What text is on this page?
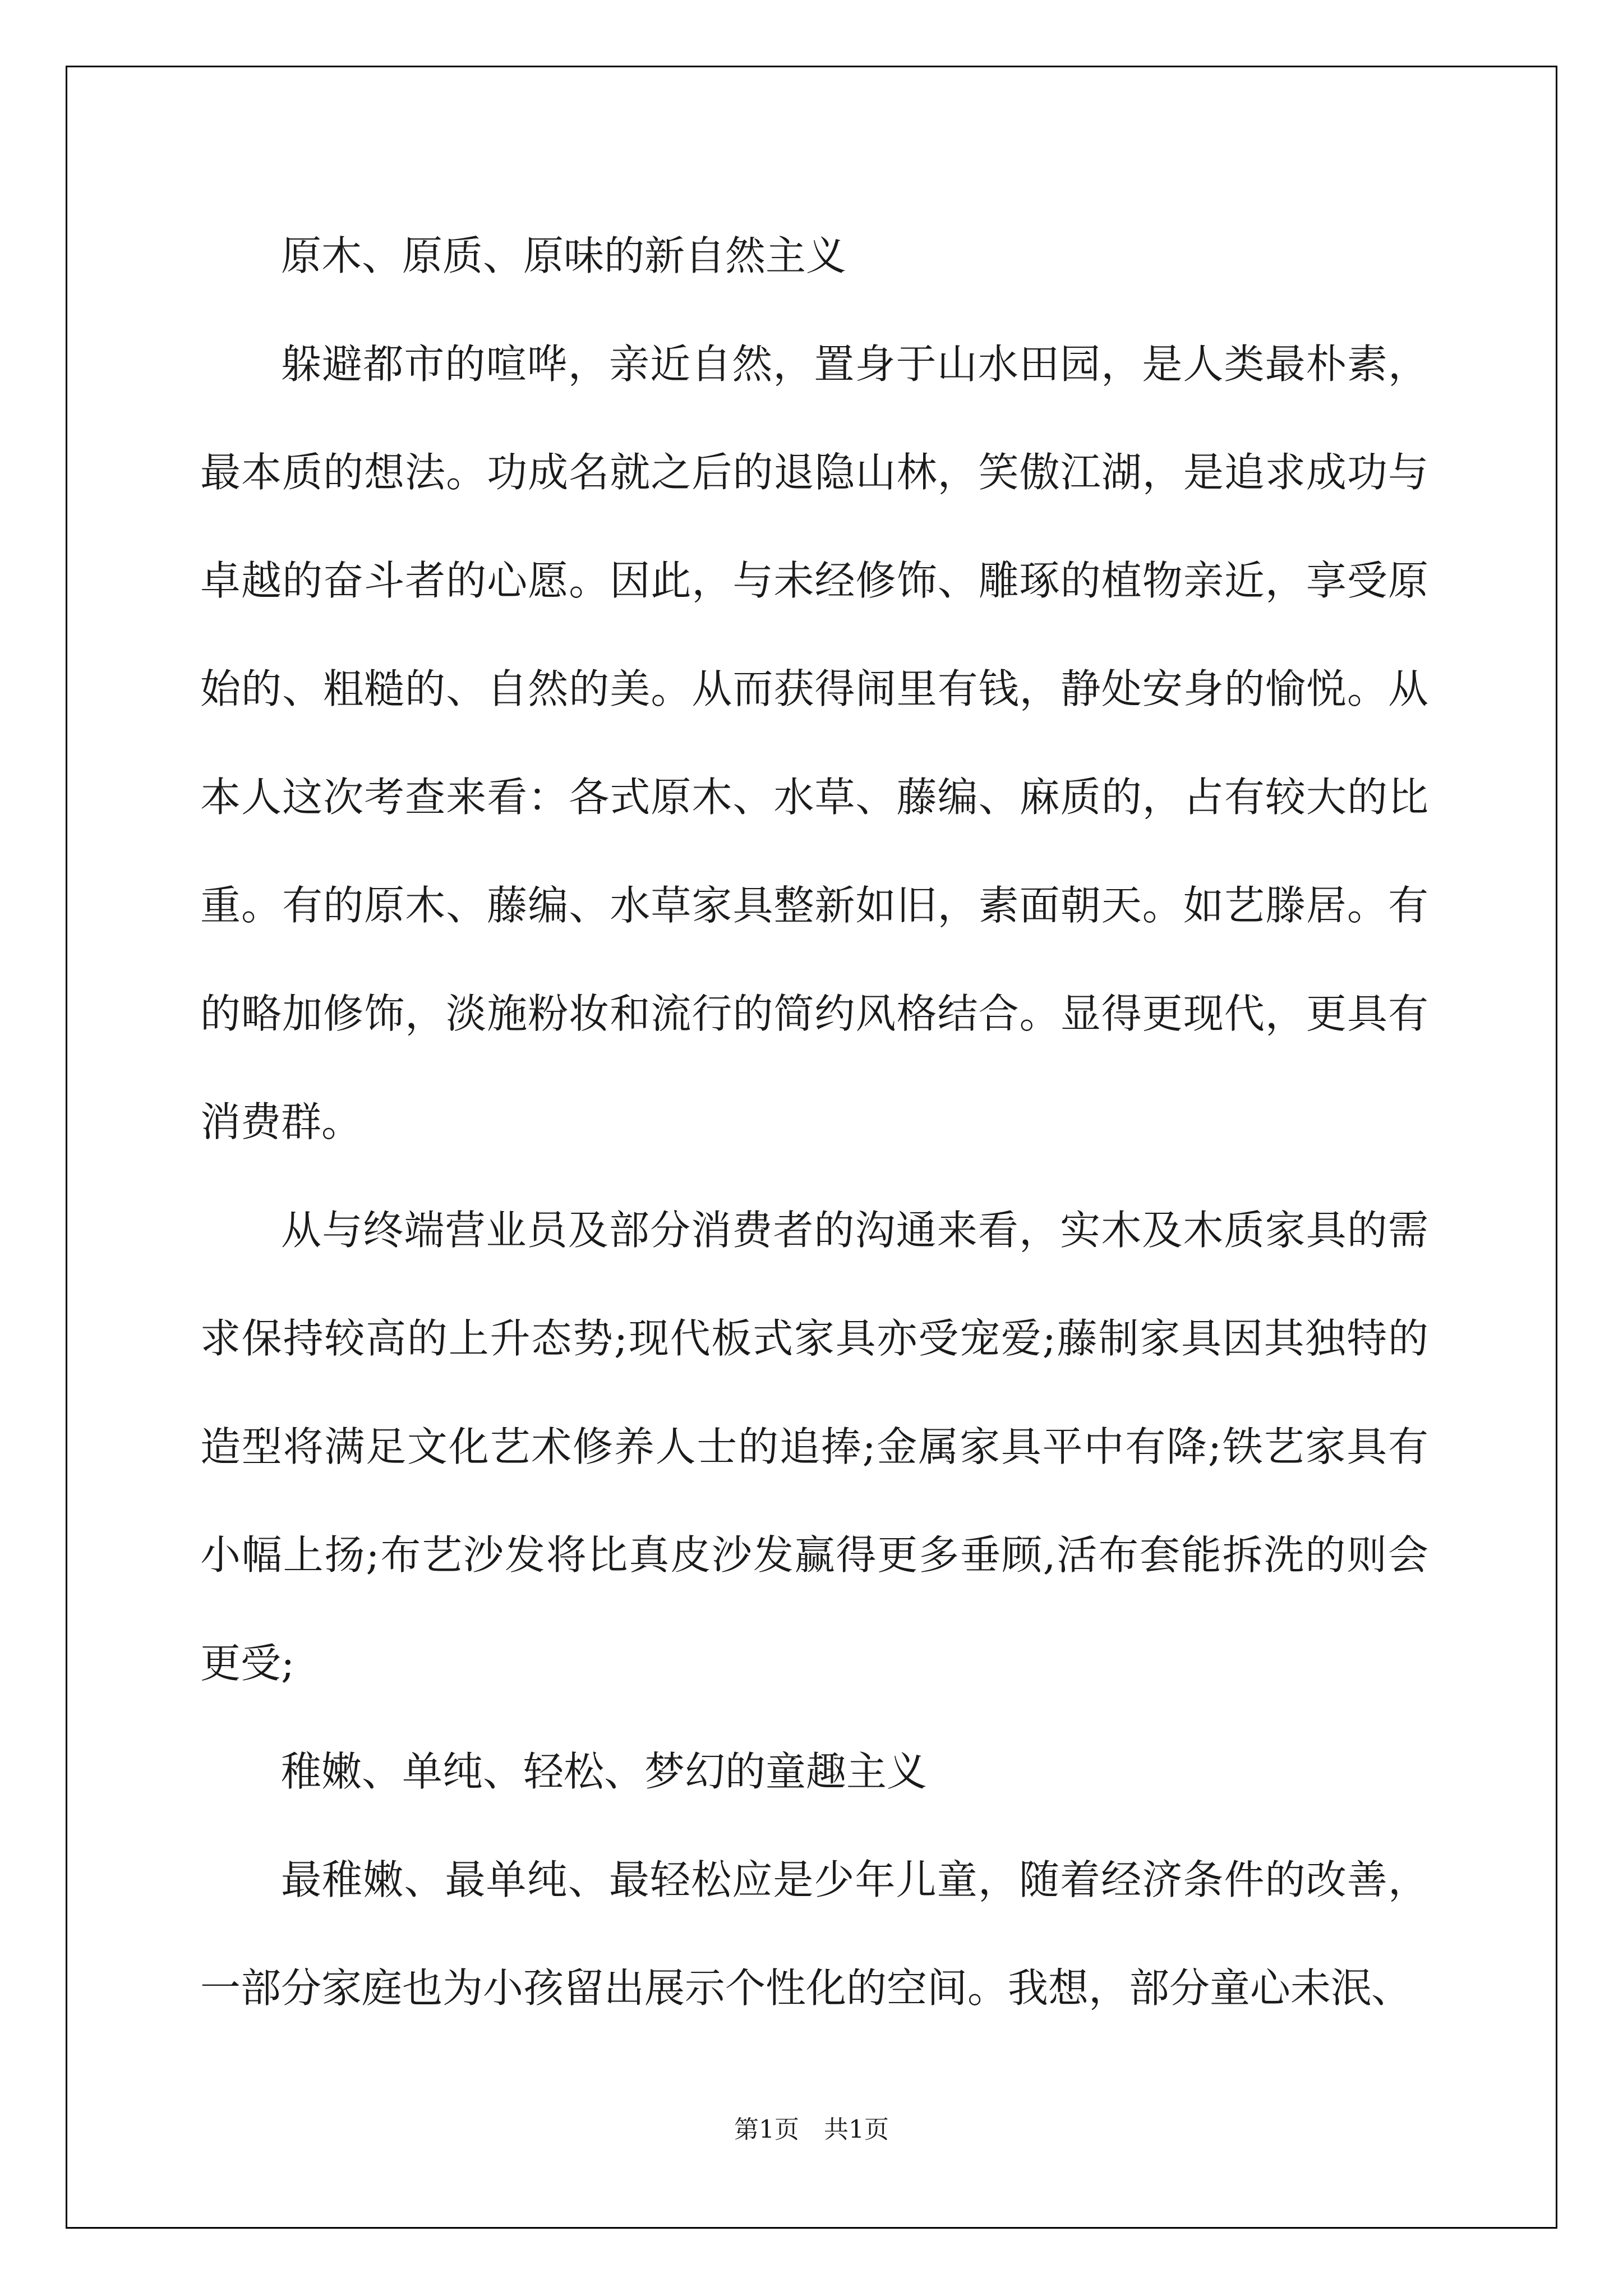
原木、原质、原味的新自然主义

躲避都市的喧哗，亲近自然，置身于山水田园，是人类最朴素，最本质的想法。功成名就之后的退隐山林，笑傲江湖，是追求成功与卓越的奋斗者的心愿。因此，与未经修饰、雕琢的植物亲近，享受原始的、粗糙的、自然的美。从而获得闹里有钱，静处安身的愉悦。从本人这次考查来看：各式原木、水草、藤编、麻质的，占有较大的比重。有的原木、藤编、水草家具整新如旧，素面朝天。如艺滕居。有的略加修饰，淡施粉妆和流行的简约风格结合。显得更现代，更具有消费群。

从与终端营业员及部分消费者的沟通来看，实木及木质家具的需求保持较高的上升态势;现代板式家具亦受宠爱;藤制家具因其独特的造型将满足文化艺术修养人士的追捧;金属家具平中有降;铁艺家具有小幅上扬;布艺沙发将比真皮沙发赢得更多垂顾,活布套能拆洗的则会更受;

稚嫩、单纯、轻松、梦幻的童趣主义

最稚嫩、最单纯、最轻松应是少年儿童，随着经济条件的改善，一部分家庭也为小孩留出展示个性化的空间。我想，部分童心未泯、

第1页　共1页
